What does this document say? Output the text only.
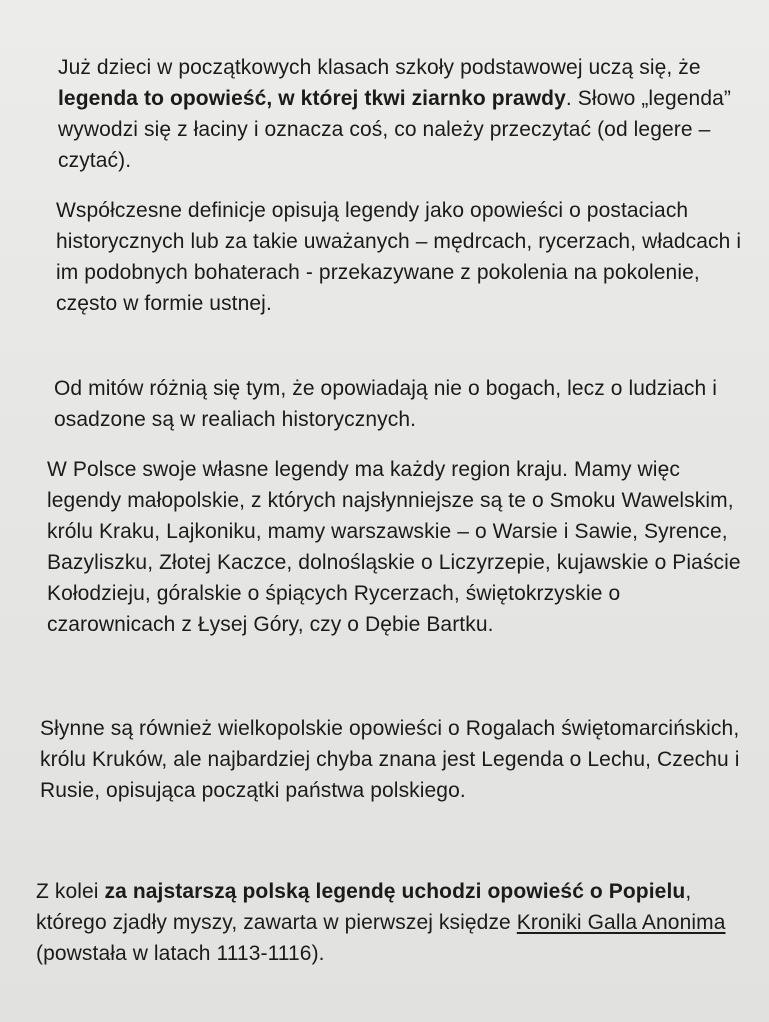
Już dzieci w początkowych klasach szkoły podstawowej uczą się, że legenda to opowieść, w której tkwi ziarnko prawdy. Słowo „legenda” wywodzi się z łaciny i oznacza coś, co należy przeczytać (od legere – czytać).

Współczesne definicje opisują legendy jako opowieści o postaciach historycznych lub za takie uważanych – mędrcach, rycerzach, władcach i im podobnych bohaterach - przekazywane z pokolenia na pokolenie, często w formie ustnej.

Od mitów różnią się tym, że opowiadają nie o bogach, lecz o ludziach i osadzone są w realiach historycznych.

W Polsce swoje własne legendy ma każdy region kraju. Mamy więc legendy małopolskie, z których najsłynniejsze są te o Smoku Wawelskim, królu Kraku, Lajkoniku, mamy warszawskie – o Warsie i Sawie, Syrence, Bazyliszku, Złotej Kaczce, dolnośląskie o Liczyrzepie, kujawskie o Piaście Kołodzieju, góralskie o śpiących Rycerzach, świętokrzyskie o czarownicach z Łysej Góry, czy o Dębie Bartku.

Słynne są również wielkopolskie opowieści o Rogalach świętomarcińskich, królu Kruków, ale najbardziej chyba znana jest Legenda o Lechu, Czechu i Rusie, opisująca początki państwa polskiego.

Z kolei za najstarszą polską legendę uchodzi opowieść o Popielu, którego zjadły myszy, zawarta w pierwszej księdze Kroniki Galla Anonima (powstała w latach 1113-1116).
